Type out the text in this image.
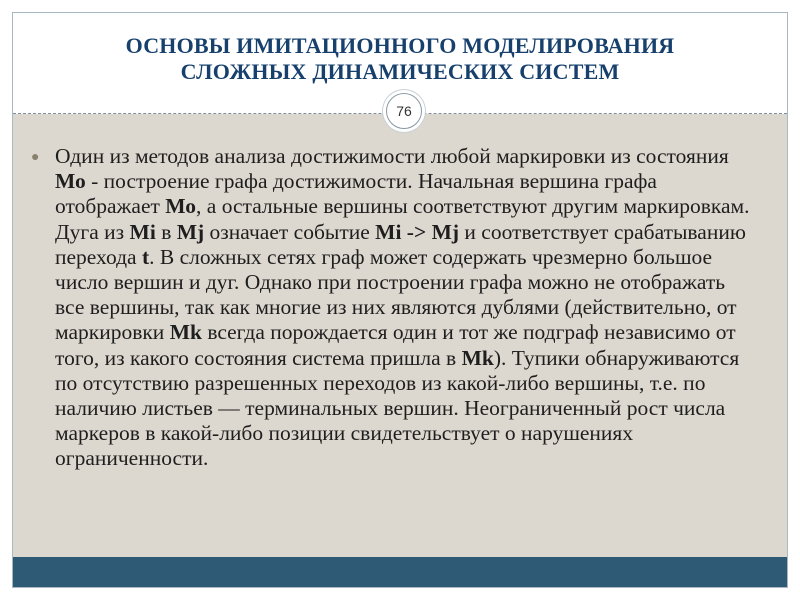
ОСНОВЫ ИМИТАЦИОННОГО МОДЕЛИРОВАНИЯ
СЛОЖНЫХ ДИНАМИЧЕСКИХ СИСТЕМ
76
● Один из методов анализа достижимости любой маркировки из состояния Мо - построение графа достижимости. Начальная вершина графа отображает Мо, а остальные вершины соответствуют другим маркировкам. Дуга из Mi в Mj означает событие Mi -> Mj и соответствует срабатыванию перехода t. В сложных сетях граф может содержать чрезмерно большое число вершин и дуг. Однако при построении графа можно не отображать все вершины, так как многие из них являются дублями (действительно, от маркировки Mk всегда порождается один и тот же подграф независимо от того, из какого состояния система пришла в Mk). Тупики обнаруживаются по отсутствию разрешенных переходов из какой-либо вершины, т.е. по наличию листьев — терминальных вершин. Неограниченный рост числа маркеров в какой-либо позиции свидетельствует о нарушениях ограниченности.
